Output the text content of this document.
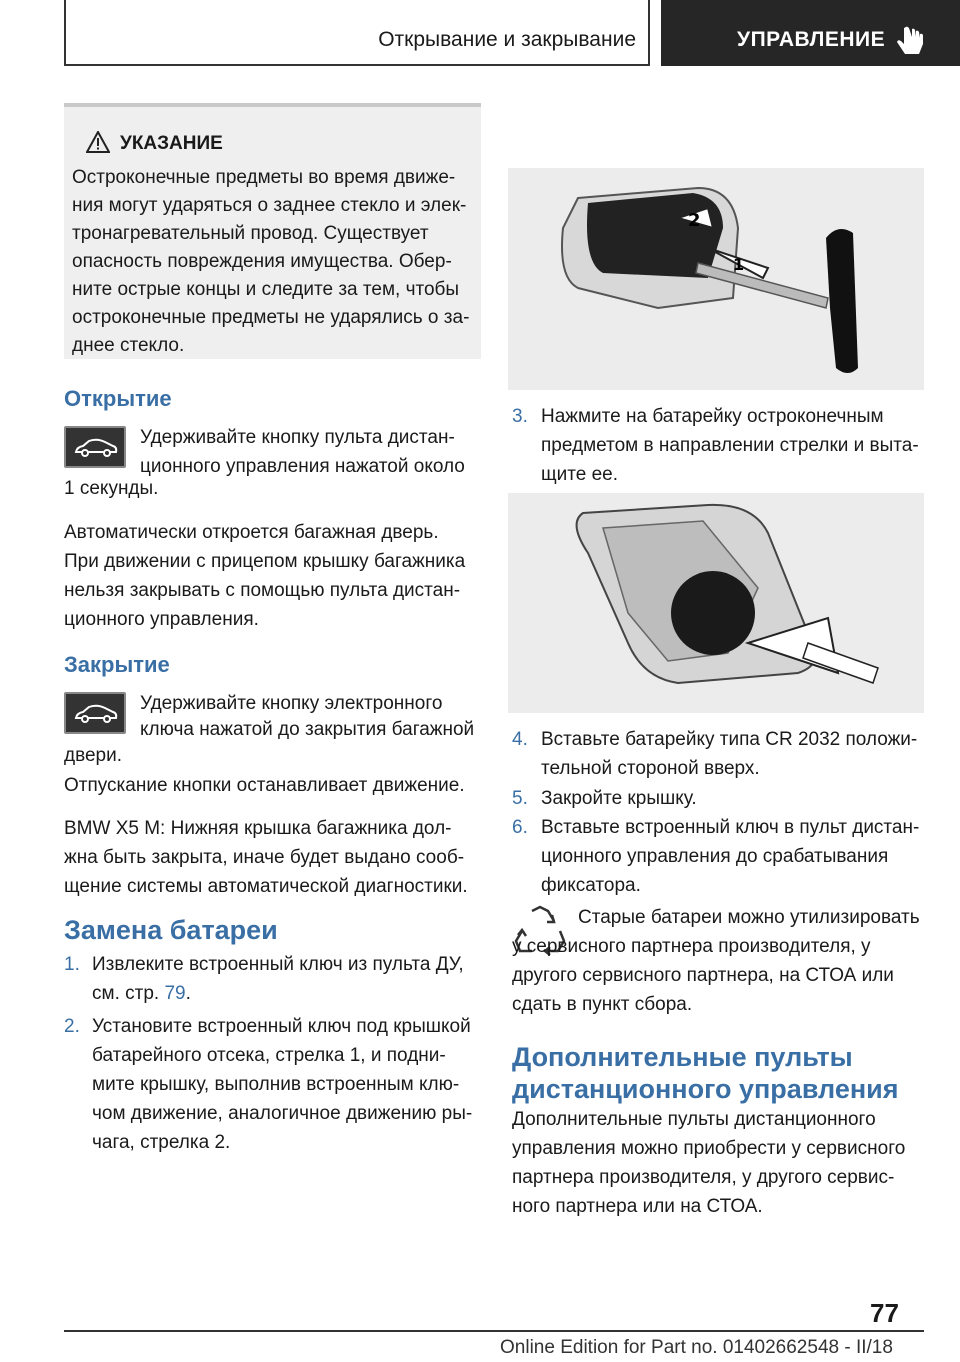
Открывание и закрывание	УПРАВЛЕНИЕ
УКАЗАНИЕ
Остроконечные предметы во время движения могут ударяться о заднее стекло и электронагревательный провод. Существует опасность повреждения имущества. Оберните острые концы и следите за тем, чтобы остроконечные предметы не ударялись о заднее стекло.
Открытие

Удерживайте кнопку пульта дистан-

ционного управления нажатой около

1 секунды.

Автоматически откроется багажная дверь.

При движении с прицепом крышку багажника нельзя закрывать с помощью пульта дистанционного управления.

Закрытие

Удерживайте кнопку электронного

ключа нажатой до закрытия багажной

двери.

Отпускание кнопки останавливает движение.

BMW X5 M: Нижняя крышка багажника должна быть закрыта, иначе будет выдано сообщение системы автоматической диагностики.

Замена батареи

1. Извлеките встроенный ключ из пульта ДУ, см. стр. 79.

2. Установите встроенный ключ под крышкой батарейного отсека, стрелка 1, и поднимите крышку, выполнив встроенным ключом движение, аналогичное движению рычага, стрелка 2.

2
1

3. Нажмите на батарейку остроконечным предметом в направлении стрелки и вытащите ее.

4. Вставьте батарейку типа CR 2032 положительной стороной вверх.

5. Закройте крышку.

6. Вставьте встроенный ключ в пульт дистанционного управления до срабатывания фиксатора.

Старые батареи можно утилизировать у сервисного партнера производителя, у другого сервисного партнера, на СТОА или сдать в пункт сбора.

Дополнительные пульты
дистанционного управления

Дополнительные пульты дистанционного управления можно приобрести у сервисного партнера производителя, у другого сервисного партнера или на СТОА.

77
Online Edition for Part no. 01402662548 - II/18
